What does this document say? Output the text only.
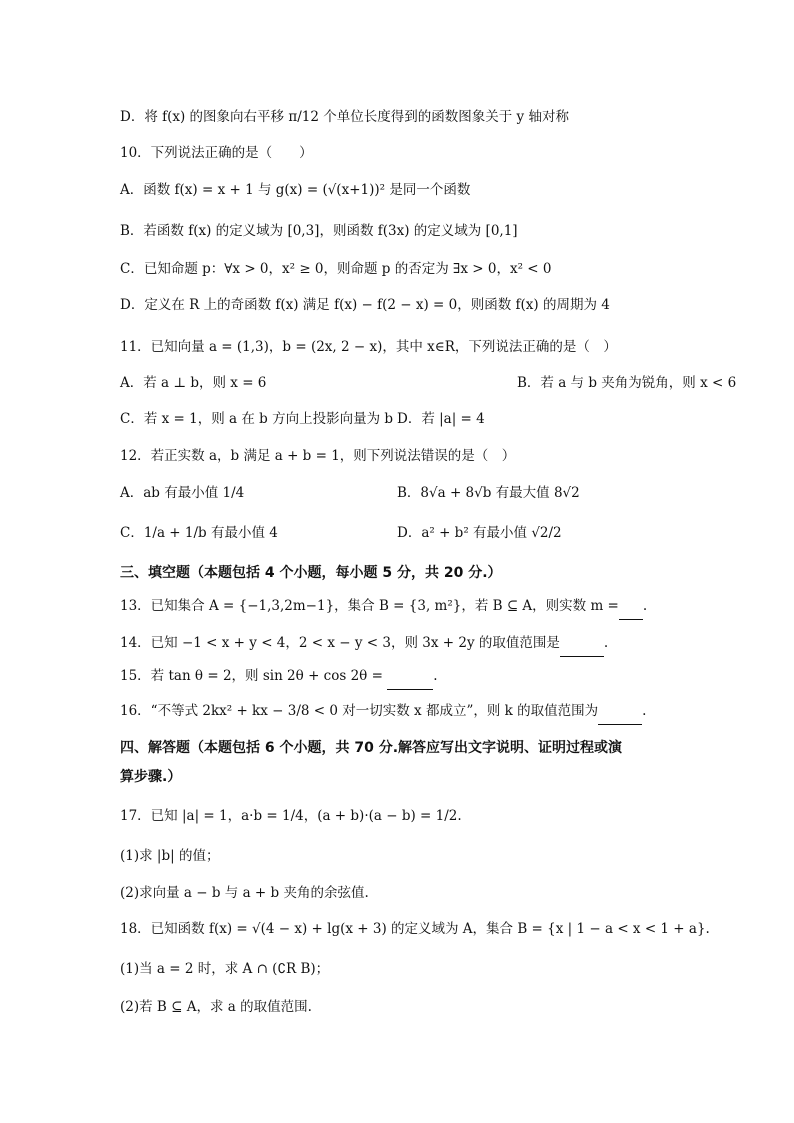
D．将 f(x) 的图象向右平移 π/12 个单位长度得到的函数图象关于 y 轴对称
10．下列说法正确的是（　　）
A．函数 f(x) = x + 1 与 g(x) = (√(x+1))² 是同一个函数
B．若函数 f(x) 的定义域为 [0,3]，则函数 f(3x) 的定义域为 [0,1]
C．已知命题 p：∀x > 0，x² ≥ 0，则命题 p 的否定为 ∃x > 0，x² < 0
D．定义在 R 上的奇函数 f(x) 满足 f(x) − f(2 − x) = 0，则函数 f(x) 的周期为 4
11．已知向量 a = (1,3)，b = (2x, 2 − x)，其中 x∈R，下列说法正确的是（　）
A．若 a ⊥ b，则 x = 6	B．若 a 与 b 夹角为锐角，则 x < 6
C．若 x = 1，则 a 在 b 方向上投影向量为 b D．若 |a| = 4
12．若正实数 a，b 满足 a + b = 1，则下列说法错误的是（　）
A．ab 有最小值 1/4	B．8√a + 8√b 有最大值 8√2
C．1/a + 1/b 有最小值 4	D．a² + b² 有最小值 √2/2
三、填空题（本题包括 4 个小题，每小题 5 分，共 20 分.）
13．已知集合 A = {−1,3,2m−1}，集合 B = {3, m²}，若 B ⊆ A，则实数 m = .
14．已知 −1 < x + y < 4，2 < x − y < 3，则 3x + 2y 的取值范围是	.
15．若 tan θ = 2，则 sin 2θ + cos 2θ =	.
16．“不等式 2kx² + kx − 3/8 < 0 对一切实数 x 都成立”，则 k 的取值范围为	.
四、解答题（本题包括 6 个小题，共 70 分.解答应写出文字说明、证明过程或演
算步骤.）
17．已知 |a| = 1，a·b = 1/4，(a + b)·(a − b) = 1/2.
(1)求 |b| 的值；
(2)求向量 a − b 与 a + b 夹角的余弦值.
18．已知函数 f(x) = √(4 − x) + lg(x + 3) 的定义域为 A，集合 B = {x | 1 − a < x < 1 + a}.
(1)当 a = 2 时，求 A ∩ (∁R B)；
(2)若 B ⊆ A，求 a 的取值范围.
